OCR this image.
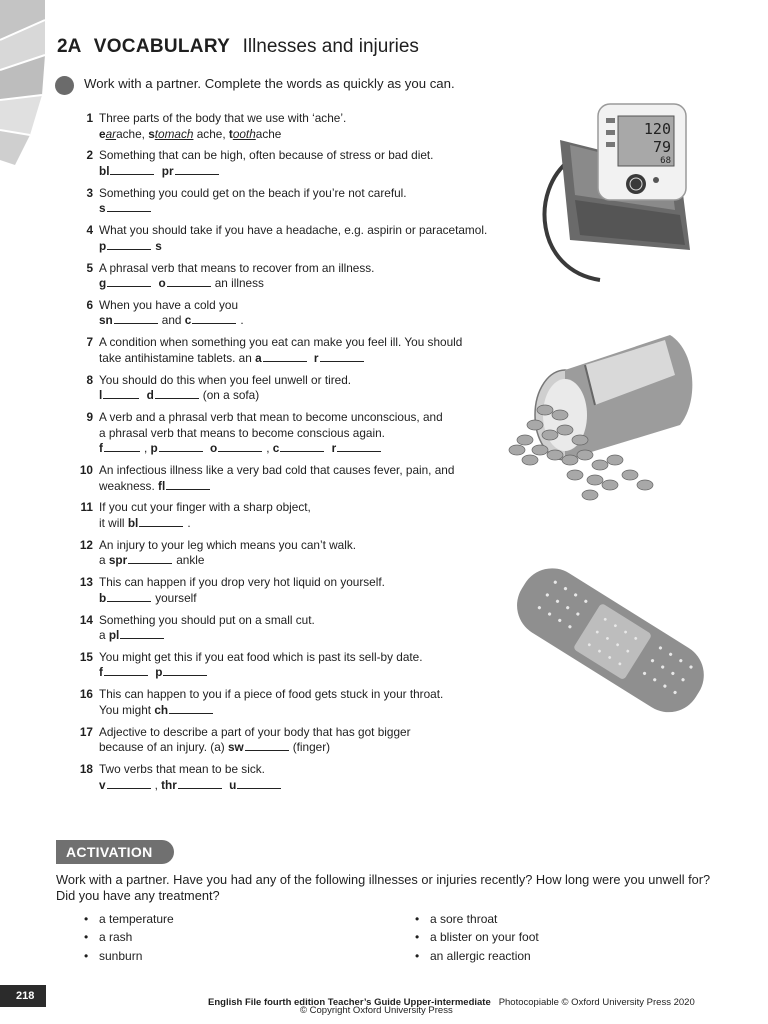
2A VOCABULARY Illnesses and injuries
Work with a partner. Complete the words as quickly as you can.
1 Three parts of the body that we use with ‘ache’.

earache, stomach ache, toothache

2 Something that can be high, often because of stress or bad diet.

bl	pr

3 Something you could get on the beach if you’re not careful.

s

4 What you should take if you have a headache, e.g. aspirin or paracetamol.

p	s

5 A phrasal verb that means to recover from an illness.

g	o	an illness

6 When you have a cold you

sn	and c	.

7 A condition when something you eat can make you feel ill. You should

take antihistamine tablets. an a	r

8 You should do this when you feel unwell or tired.

l	d	(on a sofa)

9 A verb and a phrasal verb that mean to become unconscious, and

a phrasal verb that means to become conscious again.

f	, p	o	, c	r

10 An infectious illness like a very bad cold that causes fever, pain, and

weakness. fl

11 If you cut your finger with a sharp object,

it will bl	.

12 An injury to your leg which means you can’t walk.

a spr	ankle

13 This can happen if you drop very hot liquid on yourself.

b	yourself

14 Something you should put on a small cut.

a pl

15 You might get this if you eat food which is past its sell-by date.

f	p

16 This can happen to you if a piece of food gets stuck in your throat.

You might ch

17 Adjective to describe a part of your body that has got bigger

because of an injury. (a) sw	(finger)

18 Two verbs that mean to be sick.

v	, thr	u

120
79
68
ACTIVATION
Work with a partner. Have you had any of the following illnesses or injuries recently? How long were you unwell for? Did you have any treatment?
• a temperature
• a rash
• sunburn
• a sore throat
• a blister on your foot
• an allergic reaction
218
English File fourth edition Teacher’s Guide Upper-intermediate Photocopiable © Oxford University Press 2020
© Copyright Oxford University Press
